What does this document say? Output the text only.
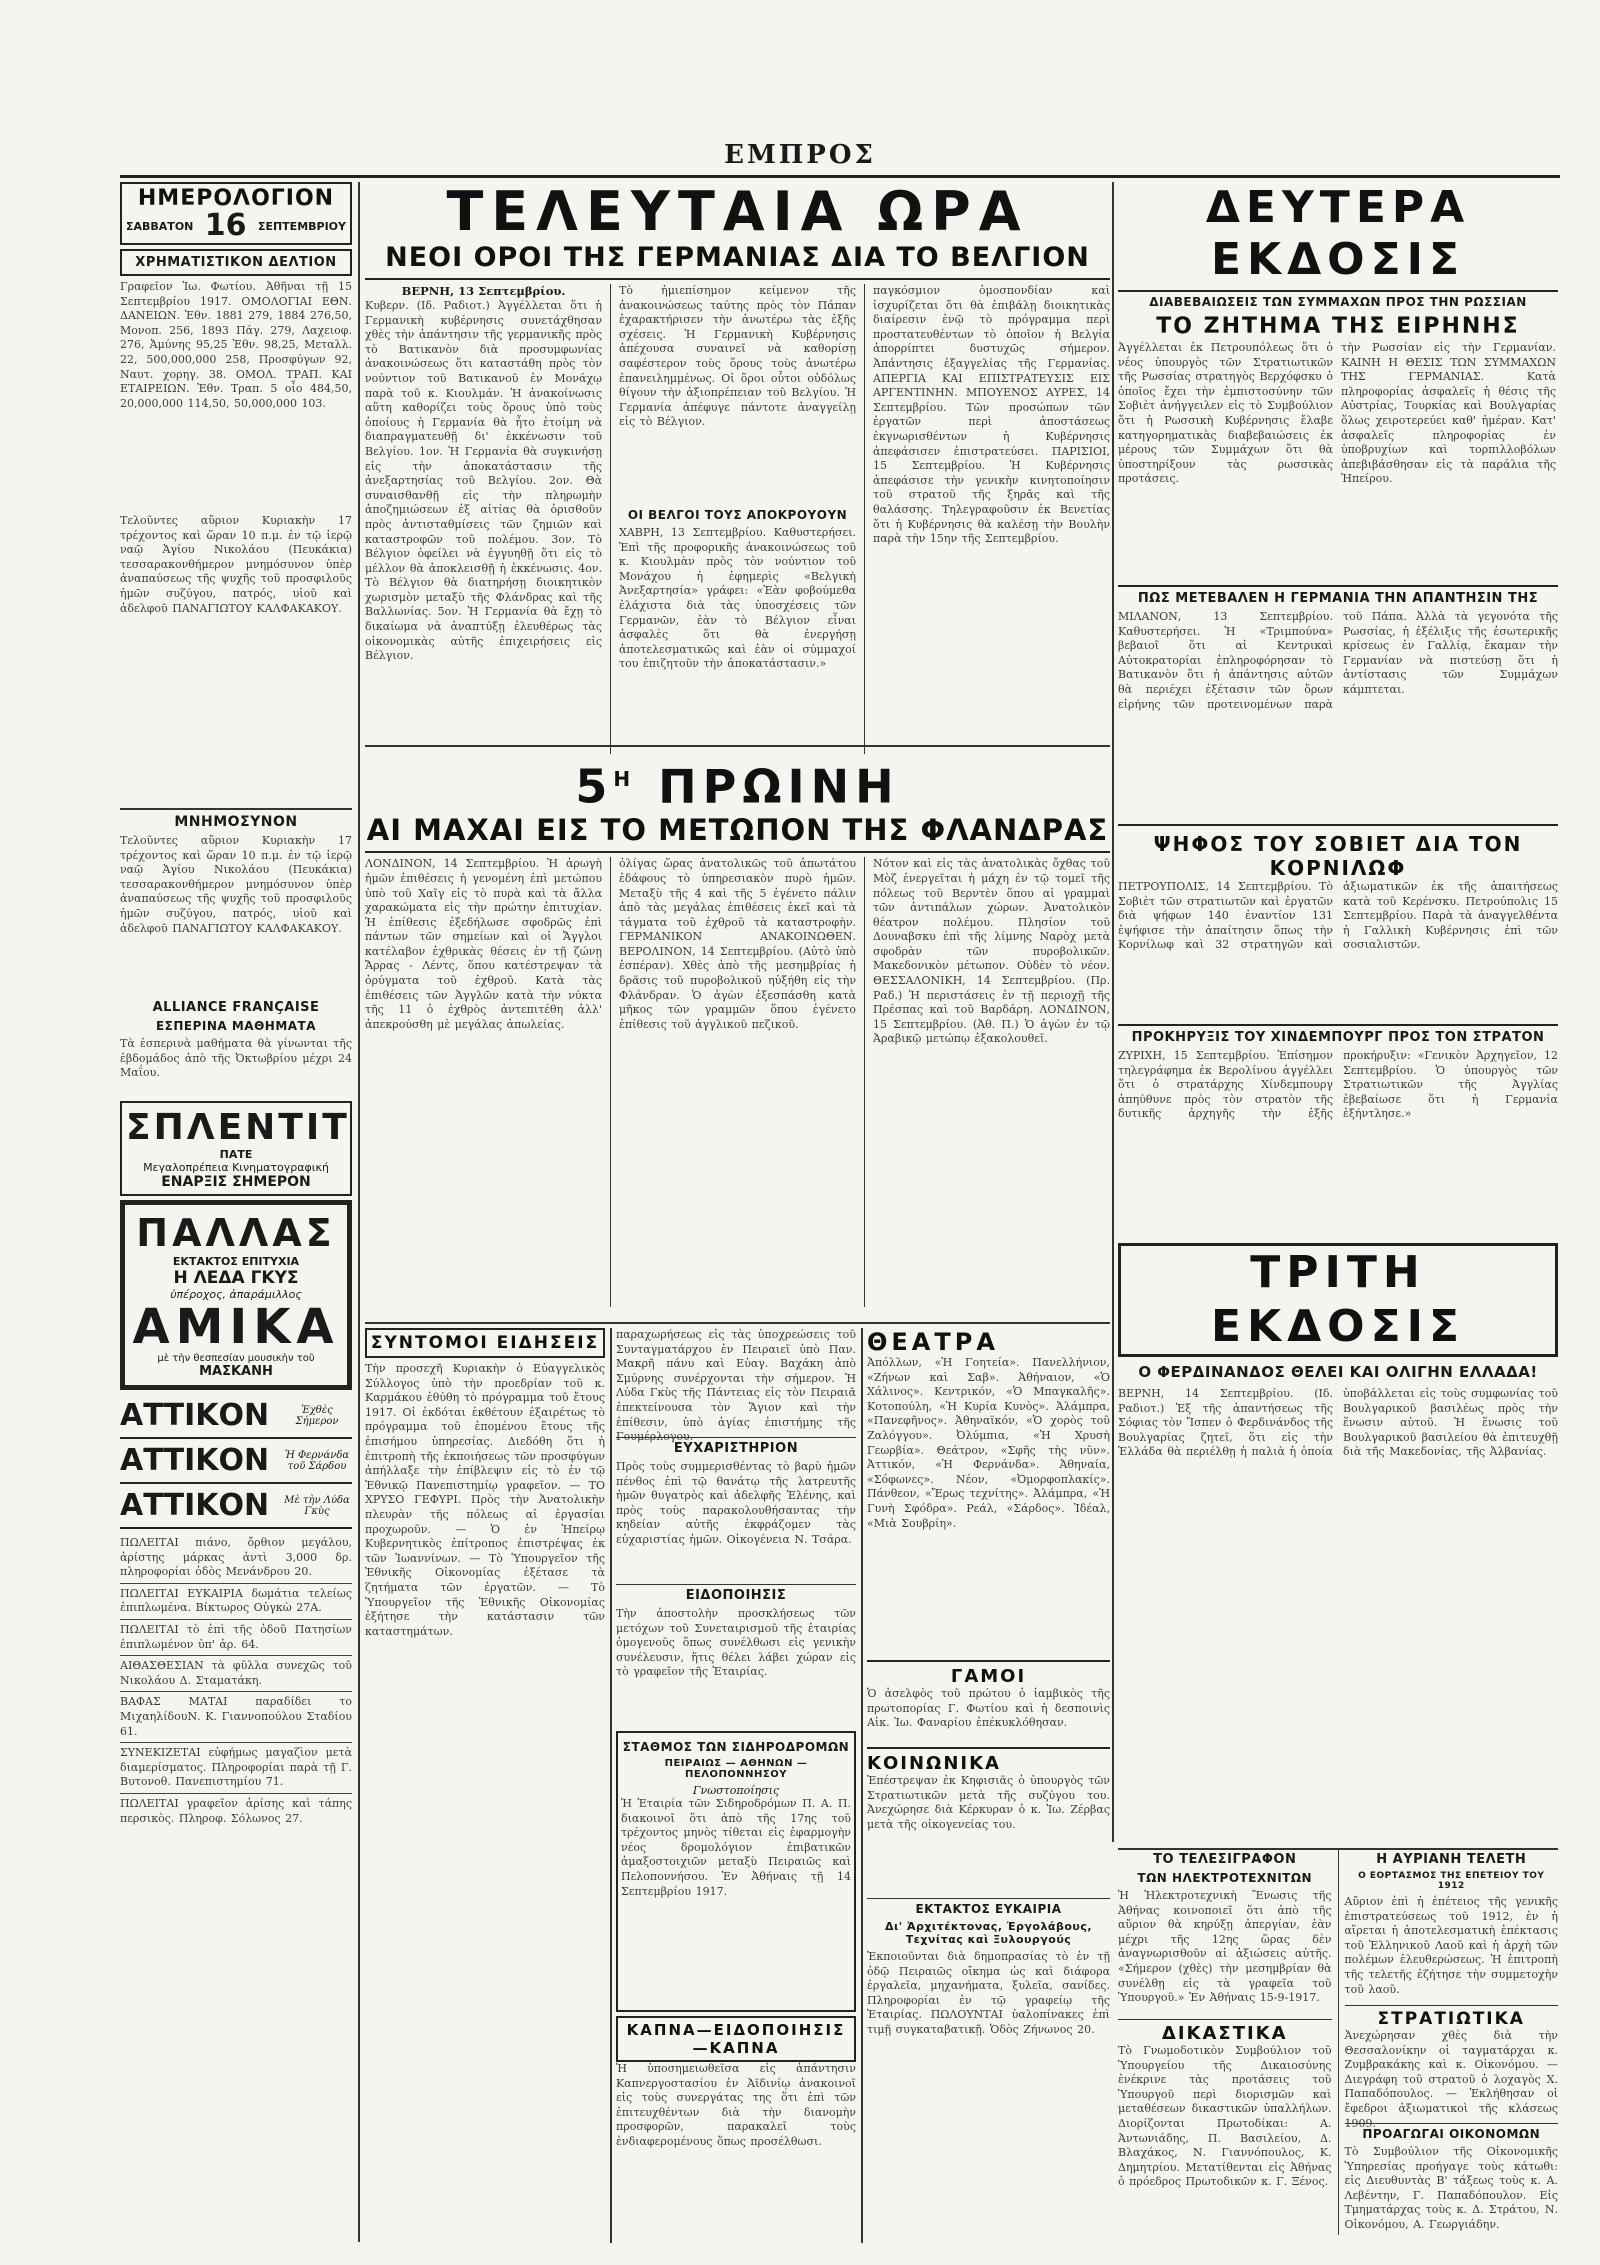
ΕΜΠΡΟΣ
ΗΜΕΡΟΛΟΓΙΟΝ
ΣΑΒΒΑΤΟΝ 16 ΣΕΠΤΕΜΒΡΙΟΥ
ΧΡΗΜΑΤΙΣΤΙΚΟΝ ΔΕΛΤΙΟΝ
Γραφεῖον Ἰω. Φωτίου. Ἀθῆναι τῇ 15 Σεπτεμβρίου 1917. ΟΜΟΛΟΓΙΑΙ ΕΘΝ. ΔΑΝΕΙΩΝ. Ἐθν. 1881 279, 1884 276,50, Μονοπ. 256, 1893 Πάγ. 279, Λαχειοφ. 276, Ἀμύνης 95,25 Ἐθν. 98,25, Μεταλλ. 22, 500,000,000 258, Προσφύγων 92, Ναυτ. χορηγ. 38. ΟΜΟΛ. ΤΡΑΠ. ΚΑΙ ΕΤΑΙΡΕΙΩΝ. Ἐθν. Τραπ. 5 οἶο 484,50, 20,000,000 114,50, 50,000,000 103.
Τελοῦντες αὔριον Κυριακὴν 17 τρέχοντος καὶ ὥραν 10 π.μ. ἐν τῷ ἱερῷ ναῷ Ἁγίου Νικολάου (Πευκάκια) τεσσαρακονθήμερον μνημόσυνον ὑπὲρ ἀναπαύσεως τῆς ψυχῆς τοῦ προσφιλοῦς ἡμῶν συζύγου, πατρός, υἱοῦ καὶ ἀδελφοῦ ΠΑΝΑΓΙΩΤΟΥ ΚΑΛΦΑΚΑΚΟΥ.
ΜΝΗΜΟΣΥΝΟΝ
Τελοῦντες αὔριον Κυριακὴν 17 τρέχοντος καὶ ὥραν 10 π.μ. ἐν τῷ ἱερῷ ναῷ Ἁγίου Νικολάου (Πευκάκια) τεσσαρακονθήμερον μνημόσυνον ὑπὲρ ἀναπαύσεως τῆς ψυχῆς τοῦ προσφιλοῦς ἡμῶν συζύγου, πατρός, υἱοῦ καὶ ἀδελφοῦ ΠΑΝΑΓΙΩΤΟΥ ΚΑΛΦΑΚΑΚΟΥ.
ALLIANCE FRANÇAISE
ΕΣΠΕΡΙΝΑ ΜΑΘΗΜΑΤΑ
Τὰ ἑσπερινὰ μαθήματα θὰ γίνωνται τῆς ἐβδομάδος ἀπὸ τῆς Ὀκτωβρίου μέχρι 24 Μαΐου.
ΣΠΛΕΝΤΙΤ
ΠΑΤΕ
Μεγαλοπρέπεια Κινηματογραφική
ΕΝΑΡΞΙΣ ΣΗΜΕΡΟΝ
ΠΑΛΛΑΣ
ΕΚΤΑΚΤΟΣ ΕΠΙΤΥΧΙΑ
Η ΛΕΔΑ ΓΚΥΣ
ὑπέροχος, ἀπαράμιλλος
ΑΜΙΚΑ
μὲ τὴν θεσπεσίαν μουσικὴν τοῦ
ΜΑΣΚΑΝΗ
ΑΤΤΙΚΟΝ	Ἐχθὲς Σήμερον
ΑΤΤΙΚΟΝ Ἡ Φερνάνδα τοῦ Σάρδου
ΑΤΤΙΚΟΝ Μὲ τὴν Λύδα Γκὺς
ΠΩΛΕΙΤΑΙ πιάνο, ὄρθιον μεγάλου, ἀρίστης μάρκας ἀντὶ 3,000 δρ. πληροφορίαι ὁδὸς Μενάνδρου 20.
ΠΩΛΕΙΤΑΙ ΕΥΚΑΙΡΙΑ δωμάτια τελείως ἐπιπλωμένα. Βίκτωρος Οὐγκὼ 27Α.
ΠΩΛΕΙΤΑΙ τὸ ἐπὶ τῆς ὁδοῦ Πατησίων ἐπιπλωμένον ὑπ' ἀρ. 64.
ΑΙΘΑΣΘΕΣΙΑΝ τὰ φῦλλα συνεχῶς τοῦ Νικολάου Δ. Σταματάκη.
ΒΑΦΑΣ ΜΑΤΑΙ παραδίδει το ΜιχαηλίδουΝ. Κ. Γιαννοπούλου Σταδίου 61.
ΣΥΝΕΚΙΖΕΤΑΙ εὐφήμως μαγαζὶον μετὰ διαμερίσματος. Πληροφορίαι παρὰ τῇ Γ. Βυτονοθ. Πανεπιστημίου 71.
ΠΩΛΕΙΤΑΙ γραφεῖον ἀρίσης καὶ τάπης περσικὸς. Πληροφ. Σόλωνος 27.
ΤΕΛΕΥΤΑΙΑ ΩΡΑ
ΝΕΟΙ ΟΡΟΙ ΤΗΣ ΓΕΡΜΑΝΙΑΣ ΔΙΑ ΤΟ ΒΕΛΓΙΟΝ
ΒΕΡΝΗ, 13 Σεπτεμβρίου.
Κυβερν. (Ιδ. Ραδιοτ.) Ἀγγέλλεται ὅτι ἡ Γερμανικὴ κυβέρνησις συνετάχθησαν χθὲς τὴν ἀπάντησιν τῆς γερμανικῆς πρὸς τὸ Βατικανὸν διὰ προσυμφωνίας ἀνακοινώσεως ὅτι καταστάθη πρὸς τὸν νούντιον τοῦ Βατικανοῦ ἐν Μονάχῳ παρὰ τοῦ κ. Κιουλμάν. Ἡ ἀνακοίνωσις αὕτη καθορίζει τοὺς ὅρους ὑπὸ τοὺς ὁποίους ἡ Γερμανία θὰ ἦτο ἑτοίμη νὰ διαπραγματευθῇ δι' ἐκκένωσιν τοῦ Βελγίου. 1ον. Ἡ Γερμανία θὰ συγκινήσῃ εἰς τὴν ἀποκατάστασιν τῆς ἀνεξαρτησίας τοῦ Βελγίου. 2ον. Θὰ συναισθανθῇ εἰς τὴν πληρωμὴν ἀποζημιώσεων ἐξ αἰτίας θὰ ὀρισθοῦν πρὸς ἀντισταθμίσεις τῶν ζημιῶν καὶ καταστροφῶν τοῦ πολέμου. 3ον. Τὸ Βέλγιον ὀφείλει νὰ ἐγγυηθῇ ὅτι εἰς τὸ μέλλον θὰ ἀποκλεισθῇ ἡ ἐκκένωσις. 4ον. Τὸ Βέλγιον θὰ διατηρήσῃ διοικητικὸν χωρισμὸν μεταξὺ τῆς Φλάνδρας καὶ τῆς Βαλλωνίας. 5ον. Ἡ Γερμανία θὰ ἔχῃ τὸ δικαίωμα νὰ ἀναπτύξῃ ἐλευθέρως τὰς οἰκονομικὰς αὐτῆς ἐπιχειρήσεις εἰς Βέλγιον.
Τὸ ἡμιεπίσημον κείμενον τῆς ἀνακοινώσεως ταύτης πρὸς τὸν Πάπαν ἐχαρακτήρισεν τὴν ἀνωτέρω τὰς ἐξῆς σχέσεις. Ἡ Γερμανικὴ Κυβέρνησις ἀπέχουσα συναινεῖ νὰ καθορίσῃ σαφέστερον τοὺς ὅρους τοὺς ἀνωτέρω ἐπανειλημμένως. Οἱ ὅροι οὗτοι οὐδόλως θίγουν τὴν ἀξιοπρέπειαν τοῦ Βελγίου. Ἡ Γερμανία ἀπέφυγε πάντοτε ἀναγγείλῃ εἰς τὸ Βέλγιον.
ΟΙ ΒΕΛΓΟΙ ΤΟΥΣ ΑΠΟΚΡΟΥΟΥΝ
ΧΑΒΡΗ, 13 Σεπτεμβρίου. Καθυστερήσει. Ἐπὶ τῆς προφορικῆς ἀνακοινώσεως τοῦ κ. Κιουλμὰν πρὸς τὸν νούντιον τοῦ Μονάχου ἡ ἐφημερὶς «Βελγικὴ Ἀνεξαρτησία» γράφει: «Ἐὰν φοβούμεθα ἐλάχιστα διὰ τὰς ὑποσχέσεις τῶν Γερμανῶν, ἐὰν τὸ Βέλγιον εἶναι ἀσφαλὲς ὅτι θὰ ἐνεργήσῃ ἀποτελεσματικῶς καὶ ἐὰν οἱ σύμμαχοί του ἐπιζητοῦν τὴν ἀποκατάστασιν.»
παγκόσμιον ὁμοσπονδίαν καὶ ἰσχυρίζεται ὅτι θὰ ἐπιβάλῃ διοικητικὰς διαίρεσιν ἐνῷ τὸ πρόγραμμα περὶ προστατευθέντων τὸ ὁποῖον ἡ Βελγία ἀπορρίπτει δυστυχῶς σήμερον. Ἀπάντησις ἐξαγγελίας τῆς Γερμανίας. ΑΠΕΡΓΙΑ ΚΑΙ ΕΠΙΣΤΡΑΤΕΥΣΙΣ ΕΙΣ ΑΡΓΕΝΤΙΝΗΝ. ΜΠΟΥΕΝΟΣ ΑΥΡΕΣ, 14 Σεπτεμβρίου. Τῶν προσώπων τῶν ἐργατῶν περὶ ἀποστάσεως ἐκγνωρισθέντων ἡ Κυβέρνησις ἀπεφάσισεν ἐπιστρατεύσει. ΠΑΡΙΣΙΟΙ, 15 Σεπτεμβρίου. Ἡ Κυβέρνησις ἀπεφάσισε τὴν γενικὴν κινητοποίησιν τοῦ στρατοῦ τῆς ξηρᾶς καὶ τῆς θαλάσσης. Τηλεγραφοῦσιν ἐκ Βενετίας ὅτι ἡ Κυβέρνησις θὰ καλέσῃ τὴν Βουλὴν παρὰ τὴν 15ην τῆς Σεπτεμβρίου.
ΔΕΥΤΕΡΑ ΕΚΔΟΣΙΣ
ΔΙΑΒΕΒΑΙΩΣΕΙΣ ΤΩΝ ΣΥΜΜΑΧΩΝ ΠΡΟΣ ΤΗΝ ΡΩΣΣΙΑΝ
ΤΟ ΖΗΤΗΜΑ ΤΗΣ ΕΙΡΗΝΗΣ
Ἀγγέλλεται ἐκ Πετρουπόλεως ὅτι ὁ νέος ὑπουργὸς τῶν Στρατιωτικῶν τῆς Ρωσσίας στρατηγὸς Βερχόφσκυ ὁ ὁποῖος ἔχει τὴν ἐμπιστοσύνην τῶν Σοβιὲτ ἀνήγγειλεν εἰς τὸ Συμβούλιον ὅτι ἡ Ρωσσικὴ Κυβέρνησις ἔλαβε κατηγορηματικὰς διαβεβαιώσεις ἐκ μέρους τῶν Συμμάχων ὅτι θὰ ὑποστηρίξουν τὰς ρωσσικὰς προτάσεις.
τὴν Ρωσσίαν εἰς τὴν Γερμανίαν. ΚΑΙΝΗ Η ΘΕΣΙΣ ΤΩΝ ΣΥΜΜΑΧΩΝ ΤΗΣ ΓΕΡΜΑΝΙΑΣ. Κατὰ πληροφορίας ἀσφαλεῖς ἡ θέσις τῆς Αὐστρίας, Τουρκίας καὶ Βουλγαρίας ὅλως χειροτερεύει καθ' ἡμέραν. Κατ' ἀσφαλεῖς πληροφορίας ἐν ὑποβρυχίων καὶ τορπιλλοβόλων ἀπεβιβάσθησαν εἰς τὰ παράλια τῆς Ἠπείρου.
ΠΩΣ ΜΕΤΕΒΑΛΕΝ Η ΓΕΡΜΑΝΙΑ ΤΗΝ ΑΠΑΝΤΗΣΙΝ ΤΗΣ
ΜΙΛΑΝΟΝ, 13 Σεπτεμβρίου. Καθυστερήσει. Ἡ «Τριμπούνα» βεβαιοῖ ὅτι αἱ Κεντρικαὶ Αὐτοκρατορίαι ἐπληροφόρησαν τὸ Βατικανὸν ὅτι ἡ ἀπάντησις αὐτῶν θὰ περιέχει ἐξέτασιν τῶν ὅρων εἰρήνης τῶν προτεινομένων παρὰ τοῦ Πάπα. Ἀλλὰ τὰ γεγονότα τῆς Ρωσσίας, ἡ ἐξέλιξις τῆς ἐσωτερικῆς κρίσεως ἐν Γαλλίᾳ, ἔκαμαν τὴν Γερμανίαν νὰ πιστεύσῃ ὅτι ἡ ἀντίστασις τῶν Συμμάχων κάμπτεται.
ΨΗΦΟΣ ΤΟΥ ΣΟΒΙΕΤ ΔΙΑ ΤΟΝ ΚΟΡΝΙΛΩΦ
ΠΕΤΡΟΥΠΟΛΙΣ, 14 Σεπτεμβρίου. Τὸ Σοβιὲτ τῶν στρατιωτῶν καὶ ἐργατῶν διὰ ψήφων 140 ἐναντίον 131 ἐψήφισε τὴν ἀπαίτησιν ὅπως τὴν Κορνίλωφ καὶ 32 στρατηγῶν καὶ ἀξιωματικῶν ἐκ τῆς ἀπαιτήσεως κατὰ τοῦ Κερένσκυ. Πετρούπολις 15 Σεπτεμβρίου. Παρὰ τὰ ἀναγγελθέντα ἡ Γαλλικὴ Κυβέρνησις ἐπὶ τῶν σοσιαλιστῶν.
ΠΡΟΚΗΡΥΞΙΣ ΤΟΥ ΧΙΝΔΕΜΠΟΥΡΓ ΠΡΟΣ ΤΟΝ ΣΤΡΑΤΟΝ
ΖΥΡΙΧΗ, 15 Σεπτεμβρίου. Ἐπίσημον τηλεγράφημα ἐκ Βερολίνου ἀγγέλλει ὅτι ὁ στρατάρχης Χίνδεμπουργ ἀπηύθυνε πρὸς τὸν στρατὸν τῆς δυτικῆς ἀρχηγῆς τὴν ἑξῆς προκήρυξιν: «Γενικὸν Ἀρχηγεῖον, 12 Σεπτεμβρίου. Ὁ ὑπουργὸς τῶν Στρατιωτικῶν τῆς Ἀγγλίας ἐβεβαίωσε ὅτι ἡ Γερμανία ἐξήντλησε.»
ΤΡΙΤΗ ΕΚΔΟΣΙΣ
Ο ΦΕΡΔΙΝΑΝΔΟΣ ΘΕΛΕΙ ΚΑΙ ΟΛΙΓΗΝ ΕΛΛΑΔΑ!
ΒΕΡΝΗ, 14 Σεπτεμβρίου. (Ιδ. Ραδιοτ.) Ἐξ τῆς ἀπαντήσεως τῆς Σόφιας τὸν Ἴσπεν ὁ Φερδινάνδος τῆς Βουλγαρίας ζητεῖ, ὅτι εἰς τὴν Ἑλλάδα θὰ περιέλθῃ ἡ παλιὰ ἡ ὁποία ὑποβάλλεται εἰς τοὺς συμφωνίας τοῦ Βουλγαρικοῦ βασιλέως πρὸς τὴν ἕνωσιν αὐτοῦ. Ἡ ἕνωσις τοῦ Βουλγαρικοῦ βασιλείου θὰ ἐπιτευχθῇ διὰ τῆς Μακεδονίας, τῆς Ἀλβανίας.
$5^H$ ΠΡΩΙΝΗ
ΑΙ ΜΑΧΑΙ ΕΙΣ ΤΟ ΜΕΤΩΠΟΝ ΤΗΣ ΦΛΑΝΔΡΑΣ
ΛΟΝΔΙΝΟΝ, 14 Σεπτεμβρίου. Ἡ ἀρωγὴ ἡμῶν ἐπιθέσεις ἡ γενομένη ἐπὶ μετώπου ὑπὸ τοῦ Χαῖγ εἰς τὸ πυρὰ καὶ τὰ ἄλλα χαρακώματα εἰς τὴν πρώτην ἐπιτυχίαν. Ἡ ἐπίθεσις ἐξεδήλωσε σφοδρῶς ἐπὶ πάντων τῶν σημείων καὶ οἱ Ἄγγλοι κατέλαβον ἐχθρικὰς θέσεις ἐν τῇ ζώνῃ Ἄρρας - Λέντς, ὅπου κατέστρεψαν τὰ ὀρύγματα τοῦ ἐχθροῦ. Κατὰ τὰς ἐπιθέσεις τῶν Ἀγγλῶν κατὰ τὴν νύκτα τῆς 11 ὁ ἐχθρὸς ἀντεπιτέθη ἀλλ' ἀπεκρούσθη μὲ μεγάλας ἀπωλείας.
ὀλίγας ὥρας ἀνατολικῶς τοῦ ἀπωτάτου ἐδάφους τὸ ὑπηρεσιακὸν πυρὸ ἡμῶν. Μεταξὺ τῆς 4 καὶ τῆς 5 ἐγένετο πάλιν ἀπὸ τὰς μεγάλας ἐπιθέσεις ἐκεῖ καὶ τὰ τάγματα τοῦ ἐχθροῦ τὰ καταστροφὴν. ΓΕΡΜΑΝΙΚΟΝ ΑΝΑΚΟΙΝΩΘΕΝ. ΒΕΡΟΛΙΝΟΝ, 14 Σεπτεμβρίου. (Αὐτὸ ὑπὸ ἑσπέραν). Χθὲς ἀπὸ τῆς μεσημβρίας ἡ δρᾶσις τοῦ πυροβολικοῦ ηὐξήθη εἰς τὴν Φλάνδραν. Ὁ ἀγὼν ἐξεσπάσθη κατὰ μῆκος τῶν γραμμῶν ὅπου ἐγένετο ἐπίθεσις τοῦ ἀγγλικοῦ πεζικοῦ.
Νότον καὶ εἰς τὰς ἀνατολικὰς ὄχθας τοῦ Μὸζ ἐνεργεῖται ἡ μάχη ἐν τῷ τομεῖ τῆς πόλεως τοῦ Βερντὲν ὅπου αἱ γραμμαὶ τῶν ἀντιπάλων χώρων. Ἀνατολικὸν θέατρον πολέμου. Πλησίον τοῦ Δουναβσκυ ἐπὶ τῆς λίμνης Ναρὸχ μετὰ σφοδρὰν τῶν πυροβολικῶν. Μακεδονικὸν μέτωπον. Οὐδὲν τὸ νέον. ΘΕΣΣΑΛΟΝΙΚΗ, 14 Σεπτεμβρίου. (Πρ. Ραδ.) Ἡ περιστάσεις ἐν τῇ περιοχῇ τῆς Πρέσπας καὶ τοῦ Βαρδάρη. ΛΟΝΔΙΝΟΝ, 15 Σεπτεμβρίου. (Ἀθ. Π.) Ὁ ἀγὼν ἐν τῷ Ἀραβικῷ μετώπῳ ἐξακολουθεῖ.
ΣΥΝΤΟΜΟΙ ΕΙΔΗΣΕΙΣ
Τὴν προσεχῆ Κυριακὴν ὁ Εὐαγγελικὸς Σύλλογος ὑπὸ τὴν προεδρίαν τοῦ κ. Καρμάκου ἐθύθη τὸ πρόγραμμα τοῦ ἔτους 1917. Οἱ ἐκδόται ἐκθέτουν ἐξαιρέτως τὸ πρόγραμμα τοῦ ἑπομένου ἔτους τῆς ἐπισήμου ὑπηρεσίας. Διεδόθη ὅτι ἡ ἐπιτροπὴ τῆς ἐκποιήσεως τῶν προσφύγων ἀπήλλαξε τὴν ἐπίβλεψιν εἰς τὸ ἐν τῷ Ἐθνικῷ Πανεπιστημίῳ γραφεῖον. — ΤΟ ΧΡΥΣΟ ΓΕΦΥΡΙ. Πρὸς τὴν Ἀνατολικὴν πλευρὰν τῆς πόλεως αἱ ἐργασίαι προχωροῦν. — Ὁ ἐν Ἠπείρῳ Κυβερνητικὸς ἐπίτροπος ἐπιστρέψας ἐκ τῶν Ἰωαννίνων. — Τὸ Ὑπουργεῖον τῆς Ἐθνικῆς Οἰκονομίας ἐξέτασε τὰ ζητήματα τῶν ἐργατῶν. — Τὸ Ὑπουργεῖον τῆς Ἐθνικῆς Οἰκονομίας ἐξήτησε τὴν κατάστασιν τῶν καταστημάτων.
παραχωρήσεως εἰς τὰς ὑποχρεώσεις τοῦ Συνταγματάρχου ἐν Πειραιεῖ ὑπὸ Παν. Μακρῆ πάνυ καὶ Εὐαγ. Βαχάκη ἀπὸ Σμύρνης συνέρχονται τὴν σήμερον. Ἡ Λύδα Γκὺς τῆς Πάντειας εἰς τὸν Πειραιᾶ ἐπεκτείνουσα τὸν Ἅγιον καὶ τὴν ἐπίθεσιν, ὑπὸ ἁγίας ἐπιστήμης τῆς Γουμέρλογου.
ΕΥΧΑΡΙΣΤΗΡΙΟΝ
Πρὸς τοὺς συμμερισθέντας τὸ βαρὺ ἡμῶν πένθος ἐπὶ τῷ θανάτῳ τῆς λατρευτῆς ἡμῶν θυγατρὸς καὶ ἀδελφῆς Ἑλένης, καὶ πρὸς τοὺς παρακολουθήσαντας τὴν κηδείαν αὐτῆς ἐκφράζομεν τὰς εὐχαριστίας ἡμῶν. Οἰκογένεια Ν. Τσάρα.
ΕΙΔΟΠΟΙΗΣΙΣ
Τὴν ἀποστολὴν προσκλήσεως τῶν μετόχων τοῦ Συνεταιρισμοῦ τῆς ἐταιρίας ὁμογενοῦς ὅπως συνέλθωσι εἰς γενικὴν συνέλευσιν, ἥτις θέλει λάβει χώραν εἰς τὸ γραφεῖον τῆς Ἑταιρίας.
ΣΤΑΘΜΟΣ ΤΩΝ ΣΙΔΗΡΟΔΡΟΜΩΝ
ΠΕΙΡΑΙΩΣ — ΑΘΗΝΩΝ — ΠΕΛΟΠΟΝΝΗΣΟΥ
Γνωστοποίησις
Ἡ Ἑταιρία τῶν Σιδηροδρόμων Π. Α. Π. διακοινοῖ ὅτι ἀπὸ τῆς 17ης τοῦ τρέχοντος μηνὸς τίθεται εἰς ἐφαρμογὴν νέος δρομολόγιον ἐπιβατικῶν ἁμαξοστοιχιῶν μεταξὺ Πειραιῶς καὶ Πελοποννήσου. Ἐν Ἀθήναις τῇ 14 Σεπτεμβρίου 1917.
ΚΑΠΝΑ—ΕΙΔΟΠΟΙΗΣΙΣ—ΚΑΠΝΑ
Ἡ ὑποσημειωθεῖσα εἰς ἀπάντησιν Καπνεργοστασίου ἐν Ἀϊδινίῳ ἀνακοινοῖ εἰς τοὺς συνεργάτας της ὅτι ἐπὶ τῶν ἐπιτευχθέντων διὰ τὴν διανομὴν προσφορῶν, παρακαλεῖ τοὺς ἐνδιαφερομένους ὅπως προσέλθωσι.
ΘΕΑΤΡΑ
Ἀπόλλων, «Ἡ Γοητεία». Πανελλήνιον, «Ζήνων καὶ Σαβ». Ἀθήναιον, «Ὁ Χάλινος». Κεντρικόν, «Ὁ Μπαγκαλῆς». Κοτοπούλη, «Ἡ Κυρία Κυνὸς». Ἀλάμπρα, «Πανεφῆνος». Ἀθηναϊκόν, «Ὁ χορὸς τοῦ Ζαλόγγου». Ὀλύμπια, «Ἡ Χρυσὴ Γεωρβία». Θεάτρον, «Σφῆς τὴς νῦν». Ἀττικόν, «Ἡ Φερνάνδα». Ἀθηναία, «Σόφωνες». Νέον, «Ὀμορφοπλακίς». Πάνθεον, «Ἔρως τεχνίτης». Ἀλάμπρα, «Ἡ Γυνὴ Σφόδρα». Ρεάλ, «Σάρδος». Ἰδέαλ, «Μιὰ Σουβρίη».
ΓΑΜΟΙ
Ὁ ἀσελφὸς τοῦ πρώτου ὁ ἰαμβικὸς τῆς πρωτοπορίας Γ. Φωτίου καὶ ἡ δεσποινὶς Αἰκ. Ἰω. Φαναρίου ἐπέκυκλόθησαν.
ΚΟΙΝΩΝΙΚΑ
Ἐπέστρεψαν ἐκ Κηφισιᾶς ὁ ὑπουργὸς τῶν Στρατιωτικῶν μετὰ τῆς συζύγου του. Ἀνεχώρησε διὰ Κέρκυραν ὁ κ. Ἰω. Ζέρβας μετὰ τῆς οἰκογενείας του.
ΕΚΤΑΚΤΟΣ ΕΥΚΑΙΡΙΑ
Δι' Ἀρχιτέκτονας, Ἐργολάβους, Τεχνίτας καὶ Ξυλουργούς
Ἐκποιοῦνται διὰ δημοπρασίας τὸ ἐν τῇ ὁδῷ Πειραιῶς οἴκημα ὡς καὶ διάφορα ἐργαλεῖα, μηχανήματα, ξυλεῖα, σανίδες. Πληροφορίαι ἐν τῷ γραφείῳ τῆς Ἑταιρίας. ΠΩΛΟΥΝΤΑΙ ὑαλοπίνακες ἐπὶ τιμῇ συγκαταβατικῇ. Ὁδὸς Ζήνωνος 20.
ΤΟ ΤΕΛΕΣΙΓΡΑΦΟΝ
ΤΩΝ ΗΛΕΚΤΡΟΤΕΧΝΙΤΩΝ
Ἡ Ἠλεκτροτεχνικὴ Ἕνωσις τῆς Ἀθήνας κοινοποιεῖ ὅτι ἀπὸ τῆς αὔριον θὰ κηρύξῃ ἀπεργίαν, ἐὰν μέχρι τῆς 12ης ὥρας δὲν ἀναγνωρισθοῦν αἱ ἀξιώσεις αὐτῆς. «Σήμερον (χθὲς) τὴν μεσημβρίαν θὰ συνέλθῃ εἰς τὰ γραφεῖα τοῦ Ὑπουργοῦ.» Ἐν Ἀθήναις 15-9-1917.
ΔΙΚΑΣΤΙΚΑ
Τὸ Γνωμοδοτικὸν Συμβούλιον τοῦ Ὑπουργείου τῆς Δικαιοσύνης ἐνέκρινε τὰς προτάσεις τοῦ Ὑπουργοῦ περὶ διορισμῶν καὶ μεταθέσεων δικαστικῶν ὑπαλλήλων. Διορίζονται Πρωτοδίκαι: Α. Ἀντωνιάδης, Π. Βασιλείου, Δ. Βλαχάκος, Ν. Γιαννόπουλος, Κ. Δημητρίου. Μετατίθενται εἰς Ἀθήνας ὁ πρόεδρος Πρωτοδικῶν κ. Γ. Ξένος.
Η ΑΥΡΙΑΝΗ ΤΕΛΕΤΗ
Ο ΕΟΡΤΑΣΜΟΣ ΤΗΣ ΕΠΕΤΕΙΟΥ ΤΟΥ 1912
Αὔριον ἐπὶ ἡ ἐπέτειος τῆς γενικῆς ἐπιστρατεύσεως τοῦ 1912, ἐν ἡ αἵρεται ἡ ἀποτελεσματικὴ ἐπέκτασις τοῦ Ἑλληνικοῦ Λαοῦ καὶ ἡ ἀρχὴ τῶν πολέμων ἐλευθερώσεως. Ἡ ἐπιτροπὴ τῆς τελετῆς ἐζήτησε τὴν συμμετοχὴν τοῦ λαοῦ.
ΣΤΡΑΤΙΩΤΙΚΑ
Ἀνεχώρησαν χθὲς διὰ τὴν Θεσσαλονίκην οἱ ταγματάρχαι κ. Ζυμβρακάκης καὶ κ. Οἰκονόμου. — Διεγράφη τοῦ στρατοῦ ὁ λοχαγὸς Χ. Παπαδόπουλος. — Ἐκλήθησαν οἱ ἔφεδροι ἀξιωματικοὶ τῆς κλάσεως 1909.
ΠΡΟΑΓΩΓΑΙ ΟΙΚΟΝΟΜΩΝ
Τὸ Συμβούλιον τῆς Οἰκονομικῆς Ὑπηρεσίας προήγαγε τοὺς κάτωθι: εἰς Διευθυντὰς Β' τάξεως τοὺς κ. Α. Λεβέντην, Γ. Παπαδόπουλον. Εἰς Τμηματάρχας τοὺς κ. Δ. Στράτου, Ν. Οἰκονόμου, Α. Γεωργιάδην.
